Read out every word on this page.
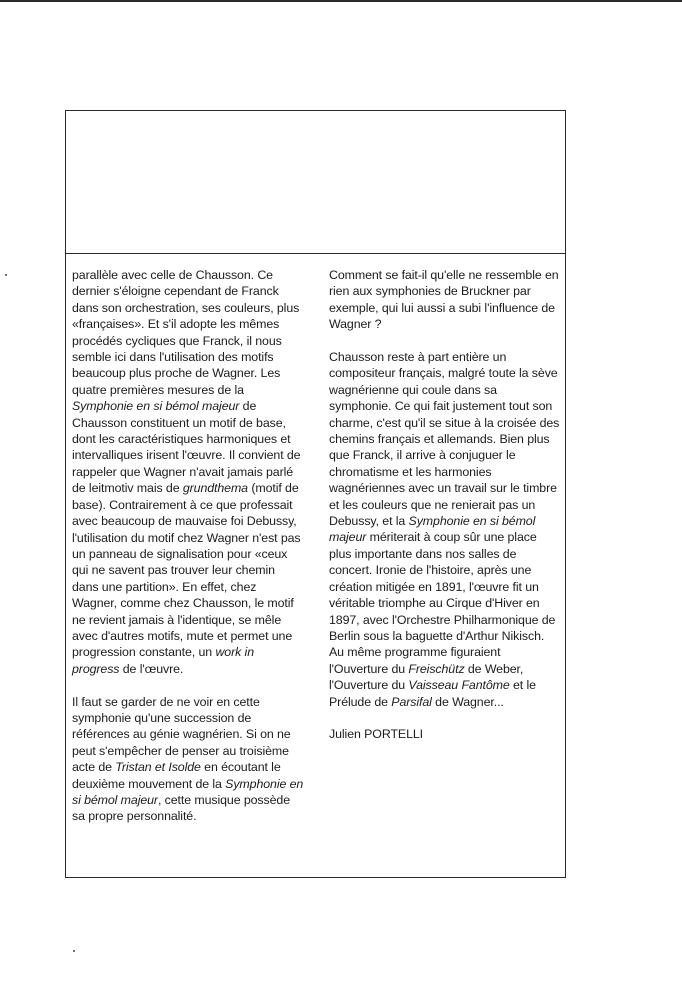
parallèle avec celle de Chausson. Ce dernier s'éloigne cependant de Franck dans son orchestration, ses couleurs, plus «françaises». Et s'il adopte les mêmes procédés cycliques que Franck, il nous semble ici dans l'utilisation des motifs beaucoup plus proche de Wagner. Les quatre premières mesures de la Symphonie en si bémol majeur de Chausson constituent un motif de base, dont les caractéristiques harmoniques et intervalliques irisent l'œuvre. Il convient de rappeler que Wagner n'avait jamais parlé de leitmotiv mais de grundthema (motif de base). Contrairement à ce que professait avec beaucoup de mauvaise foi Debussy, l'utilisation du motif chez Wagner n'est pas un panneau de signalisation pour «ceux qui ne savent pas trouver leur chemin dans une partition». En effet, chez Wagner, comme chez Chausson, le motif ne revient jamais à l'identique, se mêle avec d'autres motifs, mute et permet une progression constante, un work in progress de l'œuvre.

Il faut se garder de ne voir en cette symphonie qu'une succession de références au génie wagnérien. Si on ne peut s'empêcher de penser au troisième acte de Tristan et Isolde en écoutant le deuxième mouvement de la Symphonie en si bémol majeur, cette musique possède sa propre personnalité.

Comment se fait-il qu'elle ne ressemble en rien aux symphonies de Bruckner par exemple, qui lui aussi a subi l'influence de Wagner ?

Chausson reste à part entière un compositeur français, malgré toute la sève wagnérienne qui coule dans sa symphonie. Ce qui fait justement tout son charme, c'est qu'il se situe à la croisée des chemins français et allemands. Bien plus que Franck, il arrive à conjuguer le chromatisme et les harmonies wagnériennes avec un travail sur le timbre et les couleurs que ne renierait pas un Debussy, et la Symphonie en si bémol majeur mériterait à coup sûr une place plus importante dans nos salles de concert. Ironie de l'histoire, après une création mitigée en 1891, l'œuvre fit un véritable triomphe au Cirque d'Hiver en 1897, avec l'Orchestre Philharmonique de Berlin sous la baguette d'Arthur Nikisch. Au même programme figuraient l'Ouverture du Freischütz de Weber, l'Ouverture du Vaisseau Fantôme et le Prélude de Parsifal de Wagner...

Julien PORTELLI
